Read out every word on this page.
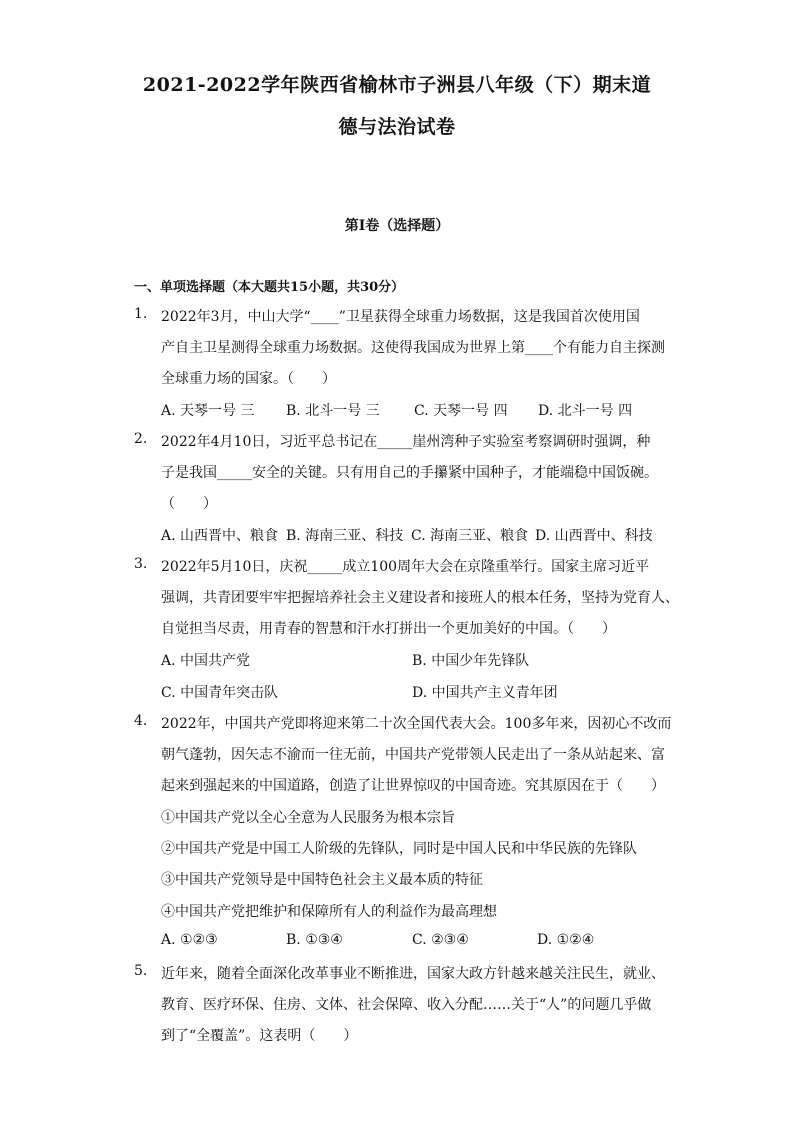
2021-2022学年陕西省榆林市子洲县八年级（下）期末道
德与法治试卷
第I卷（选择题）
一、单项选择题（本大题共15小题，共30分）
1. 2022年3月，中山大学“____”卫星获得全球重力场数据，这是我国首次使用国
产自主卫星测得全球重力场数据。这使得我国成为世界上第____个有能力自主探测
全球重力场的国家。（　　）
A. 天琴一号 三 B. 北斗一号 三 C. 天琴一号 四 D. 北斗一号 四
2. 2022年4月10日，习近平总书记在_____崖州湾种子实验室考察调研时强调，种
子是我国_____安全的关键。只有用自己的手攥紧中国种子，才能端稳中国饭碗。
（　　）
A. 山西晋中、粮食 B. 海南三亚、科技 C. 海南三亚、粮食 D. 山西晋中、科技
3. 2022年5月10日，庆祝_____成立100周年大会在京隆重举行。国家主席习近平
强调，共青团要牢牢把握培养社会主义建设者和接班人的根本任务，坚持为党育人、
自觉担当尽责，用青春的智慧和汗水打拼出一个更加美好的中国。（　　）
A. 中国共产党	B. 中国少年先锋队
C. 中国青年突击队	D. 中国共产主义青年团
4. 2022年，中国共产党即将迎来第二十次全国代表大会。100多年来，因初心不改而
朝气蓬勃，因矢志不渝而一往无前，中国共产党带领人民走出了一条从站起来、富
起来到强起来的中国道路，创造了让世界惊叹的中国奇迹。究其原因在于（　　）
①中国共产党以全心全意为人民服务为根本宗旨
②中国共产党是中国工人阶级的先锋队，同时是中国人民和中华民族的先锋队
③中国共产党领导是中国特色社会主义最本质的特征
④中国共产党把维护和保障所有人的利益作为最高理想
A. ①②③	B. ①③④	C. ②③④	D. ①②④
5. 近年来，随着全面深化改革事业不断推进，国家大政方针越来越关注民生，就业、
教育、医疗环保、住房、文体、社会保障、收入分配……关于“人”的问题几乎做
到了“全覆盖”。这表明（　　）
